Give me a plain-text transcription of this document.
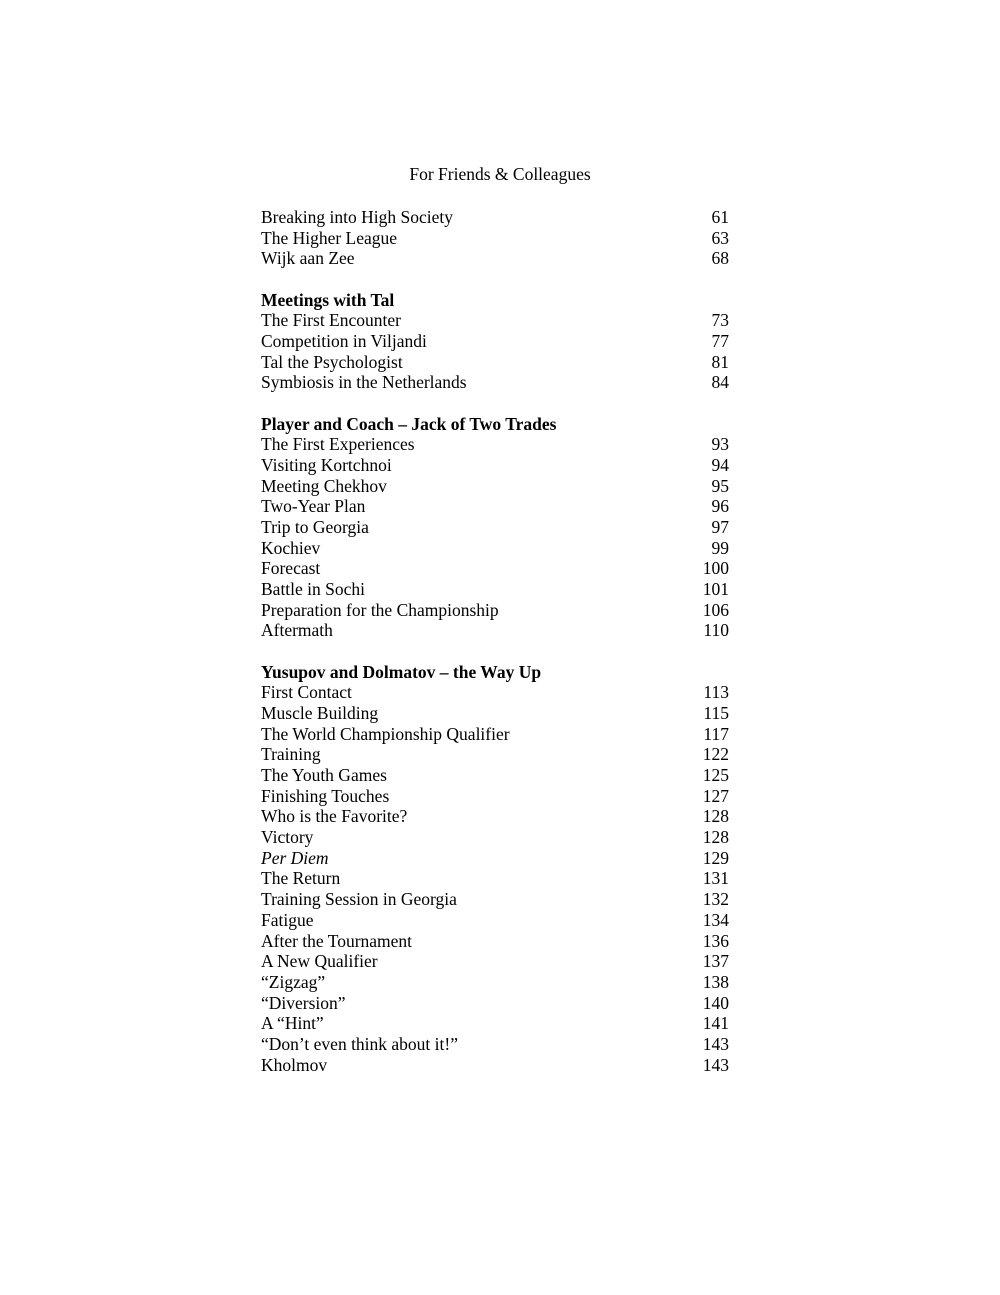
For Friends & Colleagues
Breaking into High Society	61
The Higher League	63
Wijk aan Zee	68
Meetings with Tal
The First Encounter	73
Competition in Viljandi	77
Tal the Psychologist	81
Symbiosis in the Netherlands	84
Player and Coach – Jack of Two Trades
The First Experiences	93
Visiting Kortchnoi	94
Meeting Chekhov	95
Two-Year Plan	96
Trip to Georgia	97
Kochiev	99
Forecast	100
Battle in Sochi	101
Preparation for the Championship	106
Aftermath	110
Yusupov and Dolmatov – the Way Up
First Contact	113
Muscle Building	115
The World Championship Qualifier	117
Training	122
The Youth Games	125
Finishing Touches	127
Who is the Favorite?	128
Victory	128
Per Diem	129
The Return	131
Training Session in Georgia	132
Fatigue	134
After the Tournament	136
A New Qualifier	137
“Zigzag”	138
“Diversion”	140
A “Hint”	141
“Don’t even think about it!”	143
Kholmov	143
